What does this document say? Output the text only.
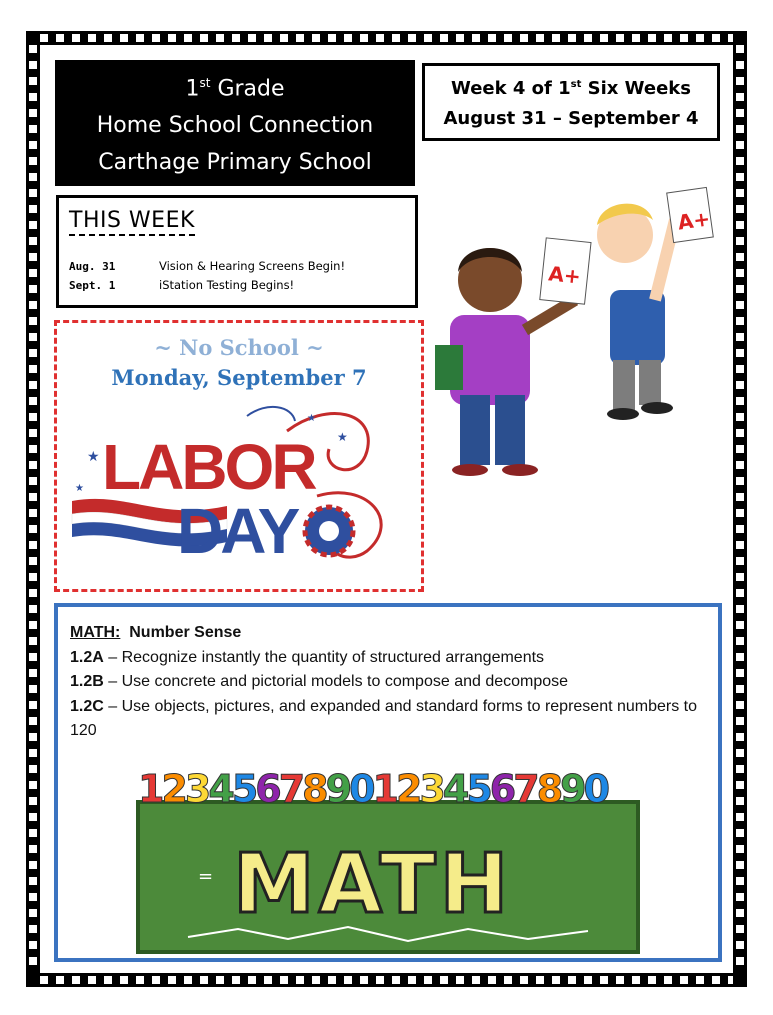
1st Grade
Home School Connection
Carthage Primary School
Week 4 of 1st Six Weeks
August 31 – September 4
THIS WEEK
Aug. 31	Vision & Hearing Screens Begin!
Sept. 1	iStation Testing Begins!
~ No School ~
Monday, September 7
★
★
★
★
LABOR
DAY
A+
A+
MATH: Number Sense
1.2A – Recognize instantly the quantity of structured arrangements
1.2B – Use concrete and pictorial models to compose and decompose
1.2C – Use objects, pictures, and expanded and standard forms to represent numbers to 120
12345678901234567890
MATH
=
